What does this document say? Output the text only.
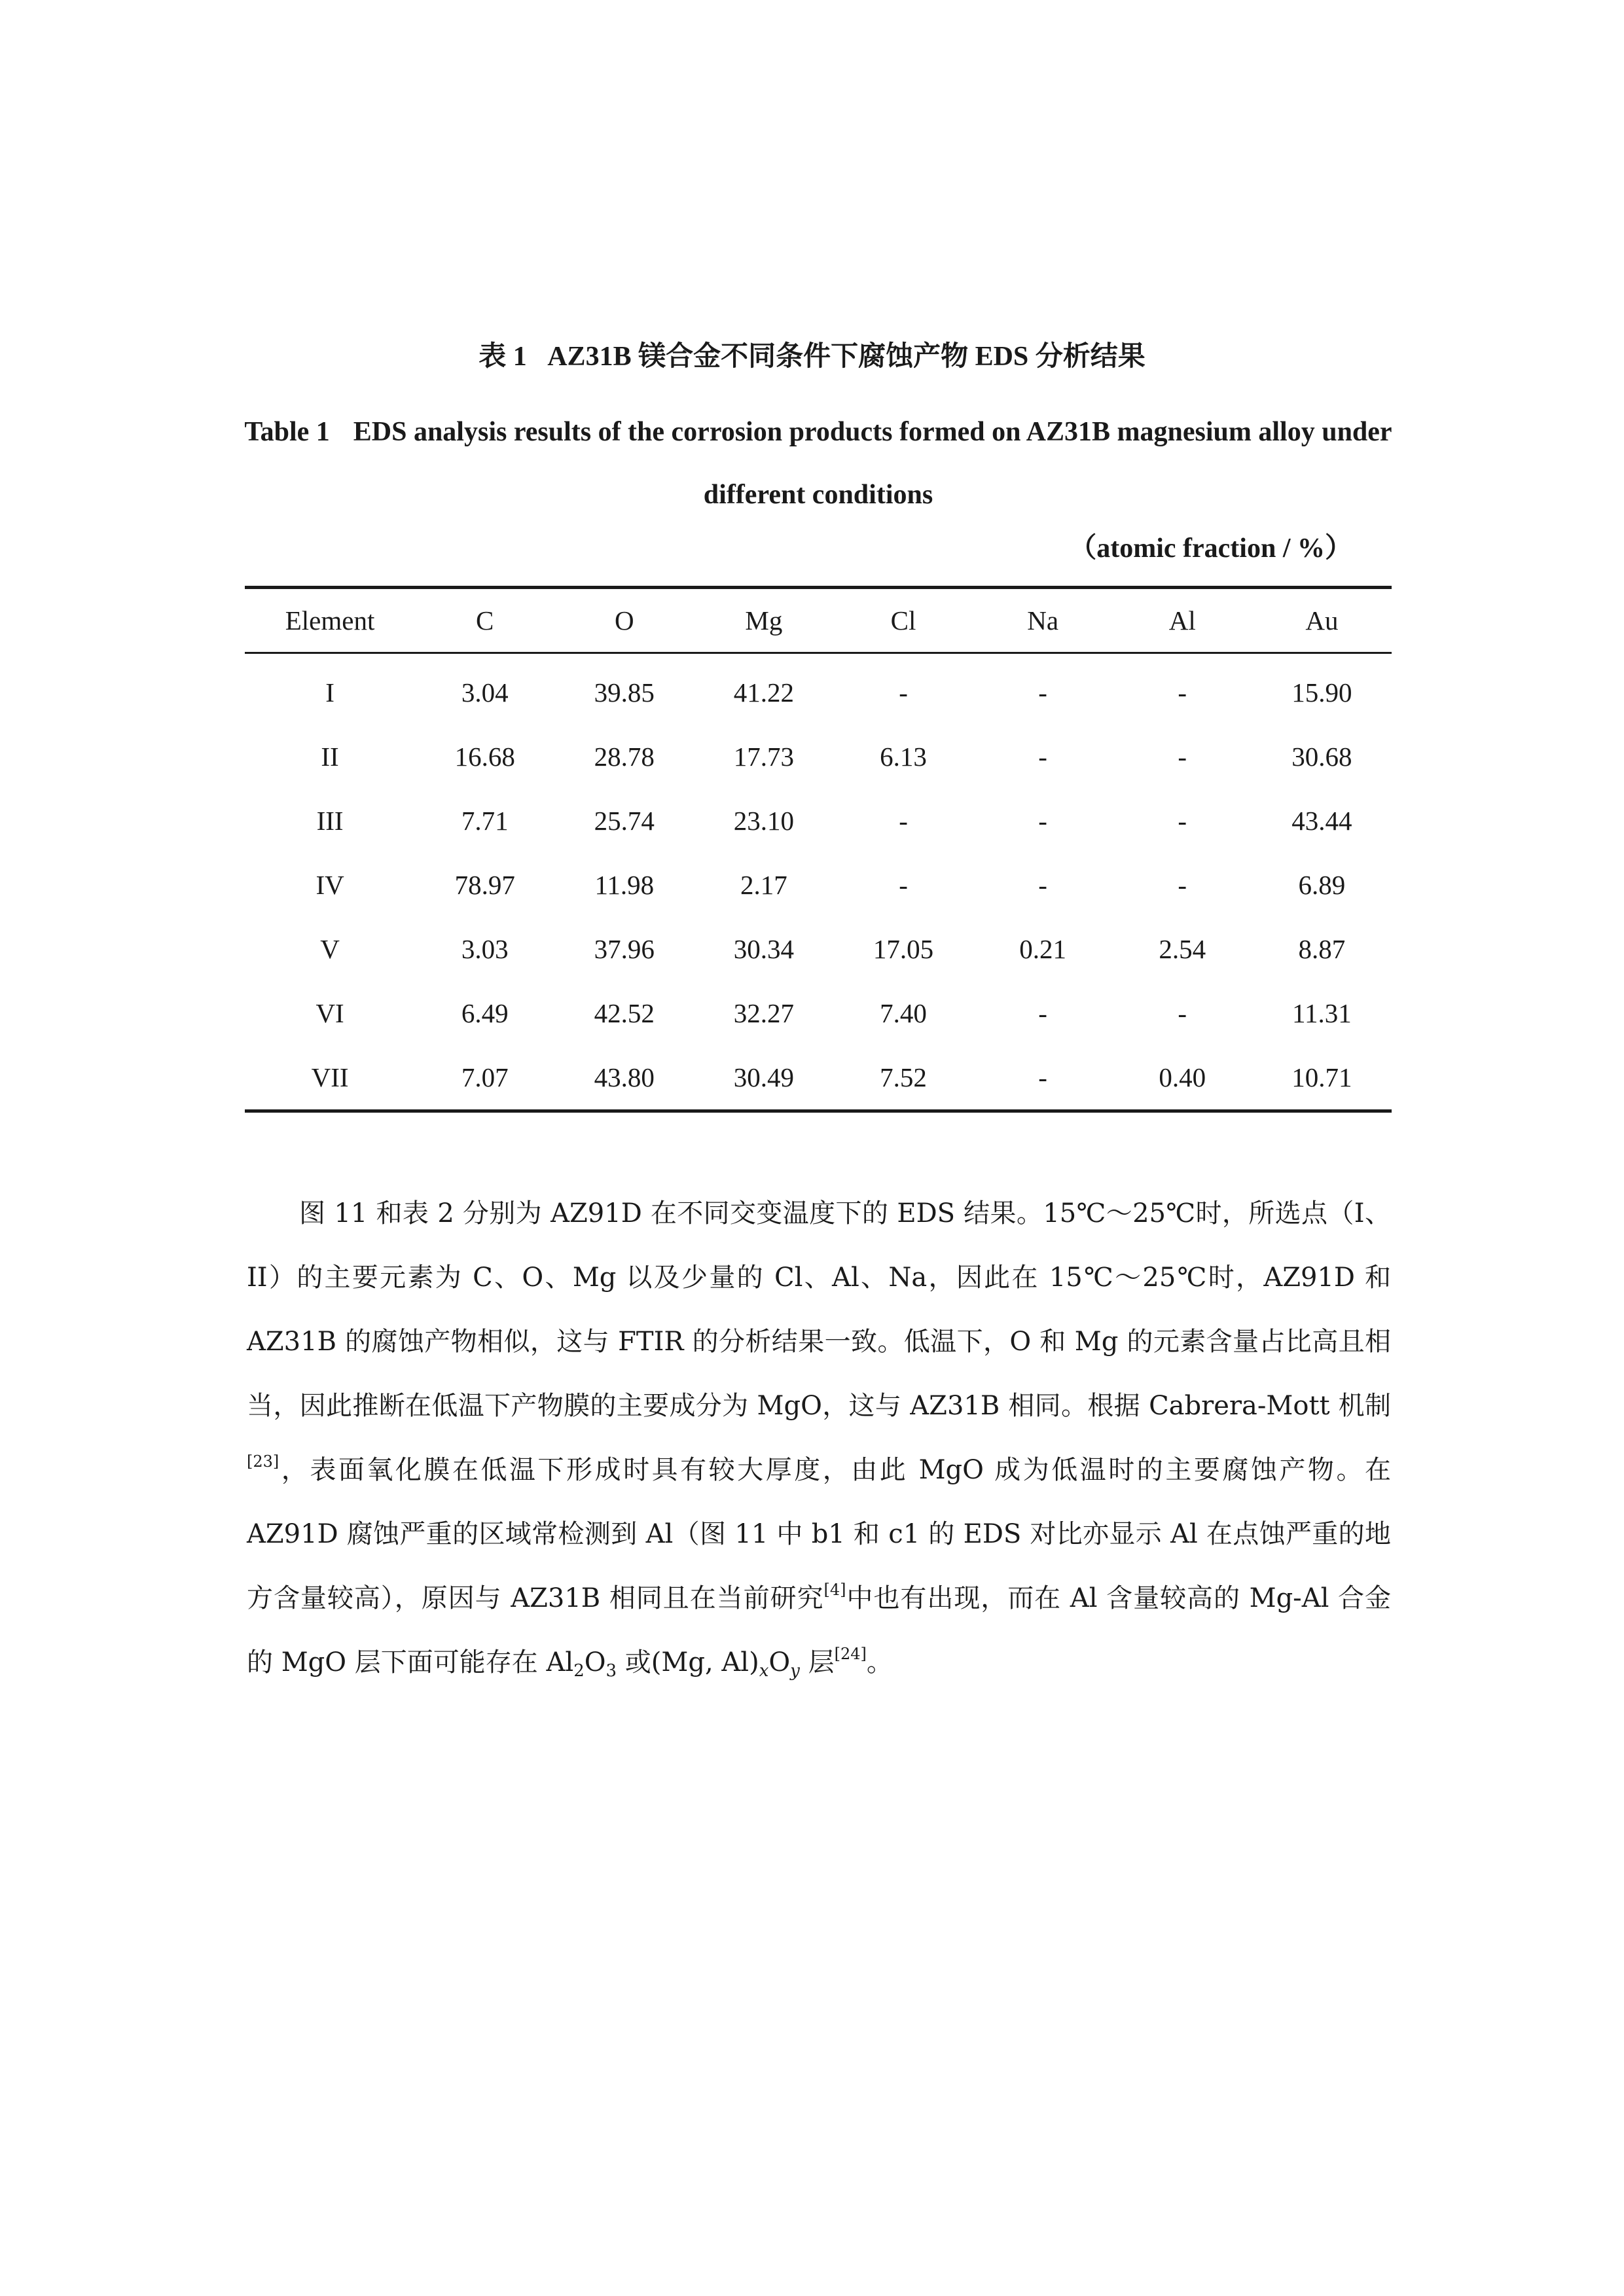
表 1 AZ31B 镁合金不同条件下腐蚀产物 EDS 分析结果
Table 1 EDS analysis results of the corrosion products formed on AZ31B magnesium alloy under different conditions
（atomic fraction / %）
Element	C	O	Mg	Cl	Na	Al	Au
I	3.04	39.85	41.22	-	-	-	15.90
II	16.68	28.78	17.73	6.13	-	-	30.68
III	7.71	25.74	23.10	-	-	-	43.44
IV	78.97	11.98	2.17	-	-	-	6.89
V	3.03	37.96	30.34	17.05	0.21	2.54	8.87
VI	6.49	42.52	32.27	7.40	-	-	11.31
VII	7.07	43.80	30.49	7.52	-	0.40	10.71

图 11 和表 2 分别为 AZ91D 在不同交变温度下的 EDS 结果。15℃～25℃时，所选点（I、II）的主要元素为 C、O、Mg 以及少量的 Cl、Al、Na，因此在 15℃～25℃时，AZ91D 和 AZ31B 的腐蚀产物相似，这与 FTIR 的分析结果一致。低温下，O 和 Mg 的元素含量占比高且相当，因此推断在低温下产物膜的主要成分为 MgO，这与 AZ31B 相同。根据 Cabrera-Mott 机制[23]，表面氧化膜在低温下形成时具有较大厚度，由此 MgO 成为低温时的主要腐蚀产物。在 AZ91D 腐蚀严重的区域常检测到 Al（图 11 中 b1 和 c1 的 EDS 对比亦显示 Al 在点蚀严重的地方含量较高），原因与 AZ31B 相同且在当前研究[4]中也有出现，而在 Al 含量较高的 Mg-Al 合金的 MgO 层下面可能存在 $Al_2O_3$ 或(Mg, $Al)_xO_y$ 层[24]。
